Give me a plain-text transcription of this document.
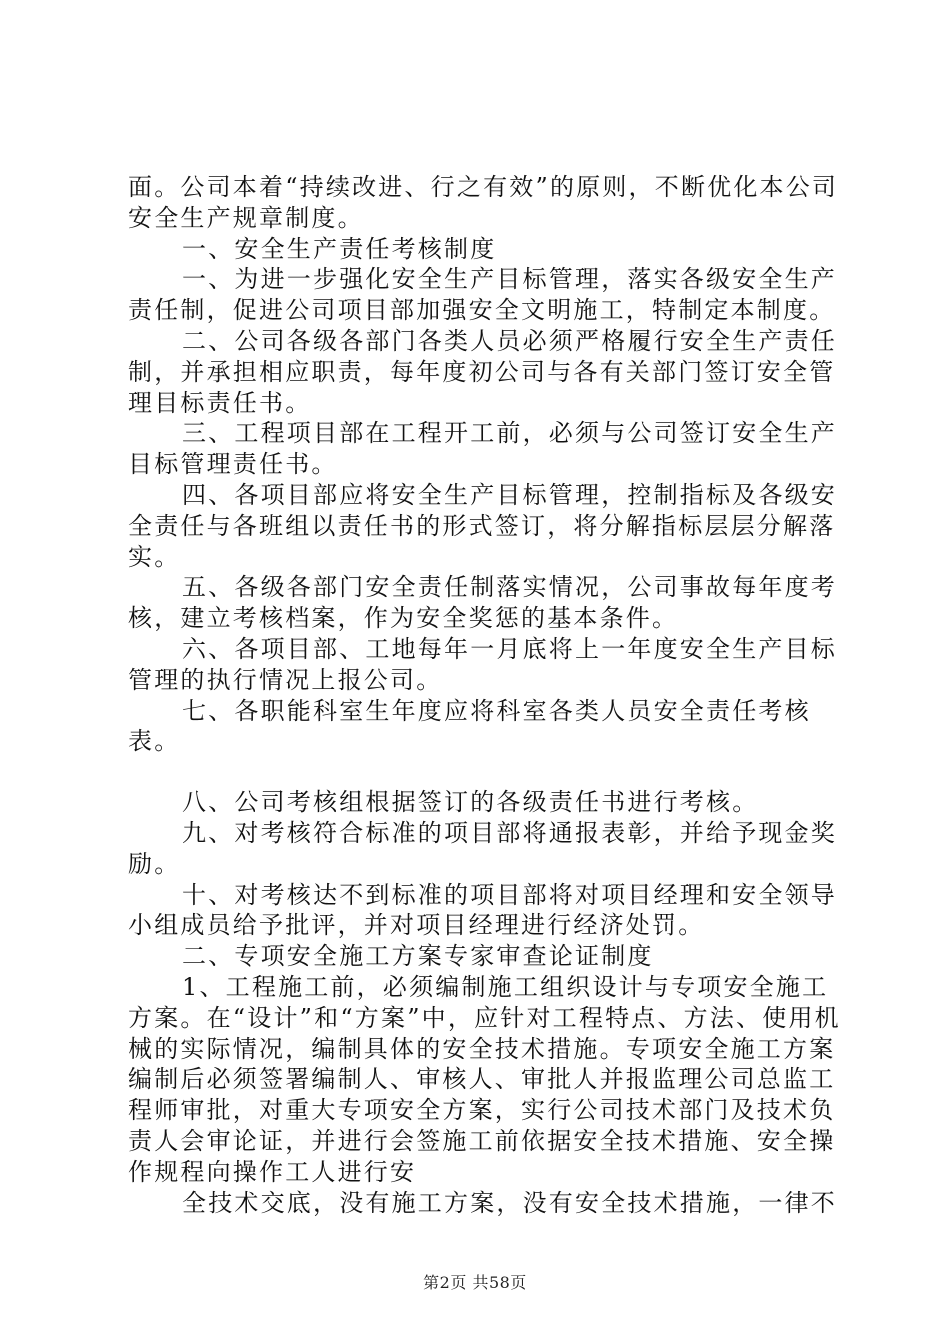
面。公司本着“持续改进、行之有效”的原则，不断优化本公司安全生产规章制度。

一、安全生产责任考核制度

一、为进一步强化安全生产目标管理，落实各级安全生产责任制，促进公司项目部加强安全文明施工，特制定本制度。

二、公司各级各部门各类人员必须严格履行安全生产责任制，并承担相应职责，每年度初公司与各有关部门签订安全管理目标责任书。

三、工程项目部在工程开工前，必须与公司签订安全生产目标管理责任书。

四、各项目部应将安全生产目标管理，控制指标及各级安全责任与各班组以责任书的形式签订，将分解指标层层分解落实。

五、各级各部门安全责任制落实情况，公司事故每年度考核，建立考核档案，作为安全奖惩的基本条件。

六、各项目部、工地每年一月底将上一年度安全生产目标管理的执行情况上报公司。

七、各职能科室生年度应将科室各类人员安全责任考核表。

八、公司考核组根据签订的各级责任书进行考核。

九、对考核符合标准的项目部将通报表彰，并给予现金奖励。

十、对考核达不到标准的项目部将对项目经理和安全领导小组成员给予批评，并对项目经理进行经济处罚。

二、专项安全施工方案专家审查论证制度

1、工程施工前，必须编制施工组织设计与专项安全施工方案。在“设计”和“方案”中，应针对工程特点、方法、使用机械的实际情况，编制具体的安全技术措施。专项安全施工方案编制后必须签署编制人、审核人、审批人并报监理公司总监工程师审批，对重大专项安全方案，实行公司技术部门及技术负责人会审论证，并进行会签施工前依据安全技术措施、安全操作规程向操作工人进行安

全技术交底，没有施工方案，没有安全技术措施，一律不

第2页 共58页
